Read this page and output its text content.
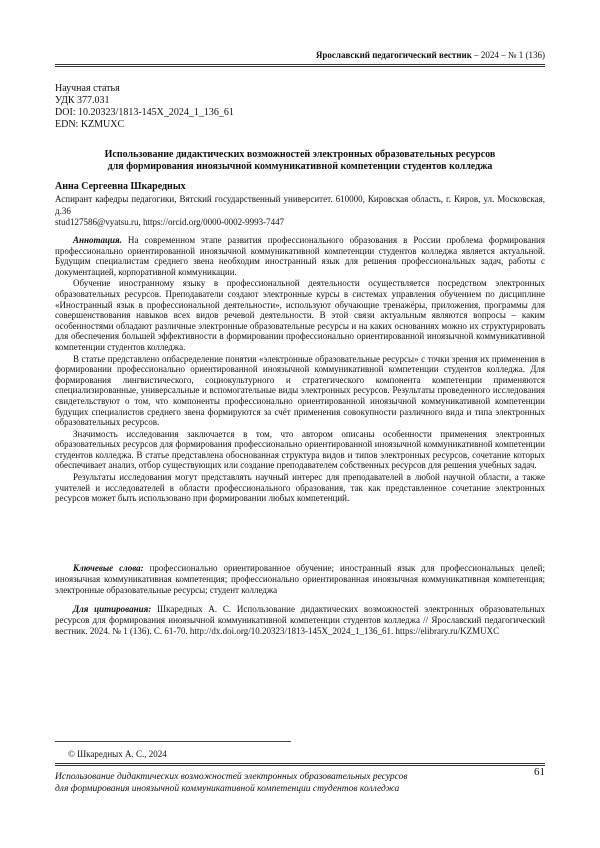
Ярославский педагогический вестник – 2024 – № 1 (136)
Научная статья
УДК 377.031
DOI: 10.20323/1813-145X_2024_1_136_61
EDN: KZMUXC
Использование дидактических возможностей электронных образовательных ресурсов
для формирования иноязычной коммуникативной компетенции студентов колледжа
Анна Сергеевна Шкаредных
Аспирант кафедры педагогики, Вятский государственный университет. 610000, Кировская область, г. Киров, ул. Московская, д.36
stud127586@vyatsu.ru, https://orcid.org/0000-0002-9993-7447

Аннотация. На современном этапе развития профессионального образования в России проблема формирования профессионально ориентированной иноязычной коммуникативной компетенции студентов колледжа является актуальной. Будущим специалистам среднего звена необходим иностранный язык для решения профессиональных задач, работы с документацией, корпоративной коммуникации.

Обучение иностранному языку в профессиональной деятельности осуществляется посредством электронных образовательных ресурсов. Преподаватели создают электронные курсы в системах управления обучением по дисциплине «Иностранный язык в профессиональной деятельности», используют обучающие тренажёры, приложения, программы для совершенствования навыков всех видов речевой деятельности. В этой связи актуальным являются вопросы – каким особенностями обладают различные электронные образовательные ресурсы и на каких основаниях можно их структурировать для обеспечения большей эффективности в формировании профессионально ориентированной иноязычной коммуникативной компетенции студентов колледжа.

В статье представлено опбасределение понятия «электронные образовательные ресурсы» с точки зрения их применения в формировании профессионально ориентированной иноязычной коммуникативной компетенции студентов колледжа. Для формирования лингвистического, социокультурного и стратегического компонента компетенции применяются специализированные, универсальные и вспомогательные виды электронных ресурсов. Результаты проведенного исследования свидетельствуют о том, что компоненты профессионально ориентированной иноязычной коммуникативной компетенции будущих специалистов среднего звена формируются за счёт применения совокупности различного вида и типа электронных образовательных ресурсов.

Значимость исследования заключается в том, что автором описаны особенности применения электронных образовательных ресурсов для формирования профессионально ориентированной иноязычной коммуникативной компетенции студентов колледжа. В статье представлена обоснованная структура видов и типов электронных ресурсов, сочетание которых обеспечивает анализ, отбор существующих или создание преподавателем собственных ресурсов для решения учебных задач.

Результаты исследования могут представлять научный интерес для преподавателей в любой научной области, а также учителей и исследователей в области профессионального образования, так как представленное сочетание электронных ресурсов может быть использовано при формировании любых компетенций.

Ключевые слова: профессионально ориентированное обучение; иностранный язык для профессиональных целей; иноязычная коммуникативная компетенция; профессионально ориентированная иноязычная коммуникативная компетенция; электронные образовательные ресурсы; студент колледжа
Для цитирования: Шкаредных А. С. Использование дидактических возможностей электронных образовательных ресурсов для формирования иноязычной коммуникативной компетенции студентов колледжа // Ярославский педагогический вестник. 2024. № 1 (136). С. 61-70. http://dx.doi.org/10.20323/1813-145X_2024_1_136_61. https://elibrary.ru/KZMUXC
© Шкаредных А. С., 2024
Использование дидактических возможностей электронных образовательных ресурсов
для формирования иноязычной коммуникативной компетенции студентов колледжа
61
